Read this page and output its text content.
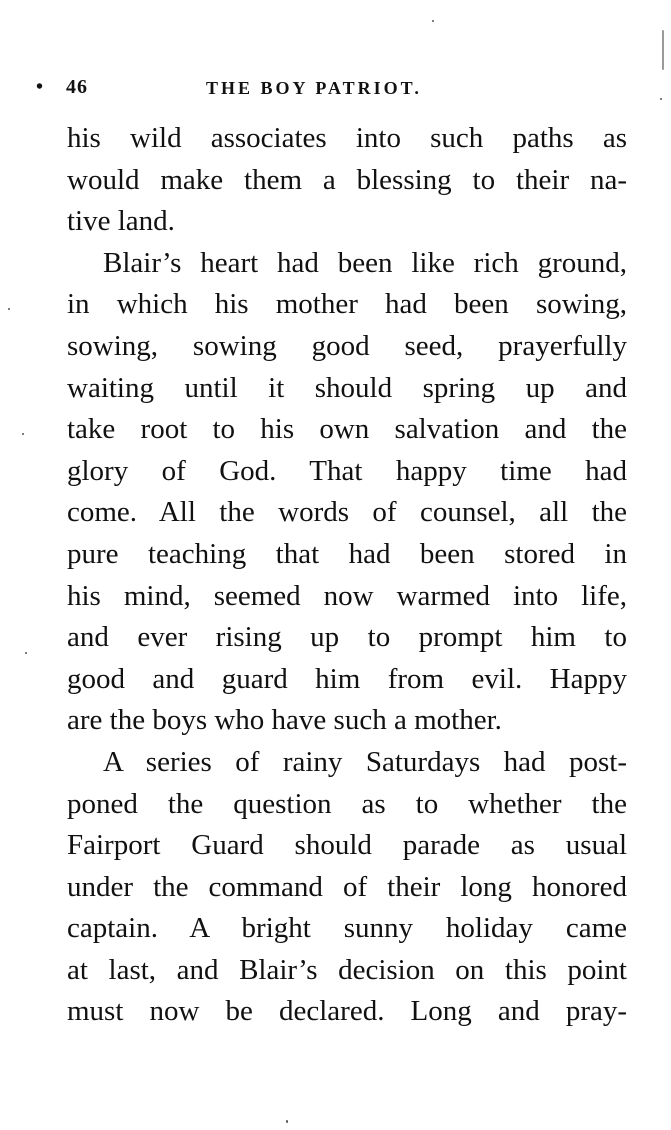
• 46	THE BOY PATRIOT.
his wild associates into such paths as
would make them a blessing to their na-
tive land.
Blair’s heart had been like rich ground,
in which his mother had been sowing,
sowing, sowing good seed, prayerfully
waiting until it should spring up and
take root to his own salvation and the
glory of God. That happy time had
come. All the words of counsel, all the
pure teaching that had been stored in
his mind, seemed now warmed into life,
and ever rising up to prompt him to
good and guard him from evil. Happy
are the boys who have such a mother.
A series of rainy Saturdays had post-
poned the question as to whether the
Fairport Guard should parade as usual
under the command of their long honored
captain. A bright sunny holiday came
at last, and Blair’s decision on this point
must now be declared. Long and pray-
